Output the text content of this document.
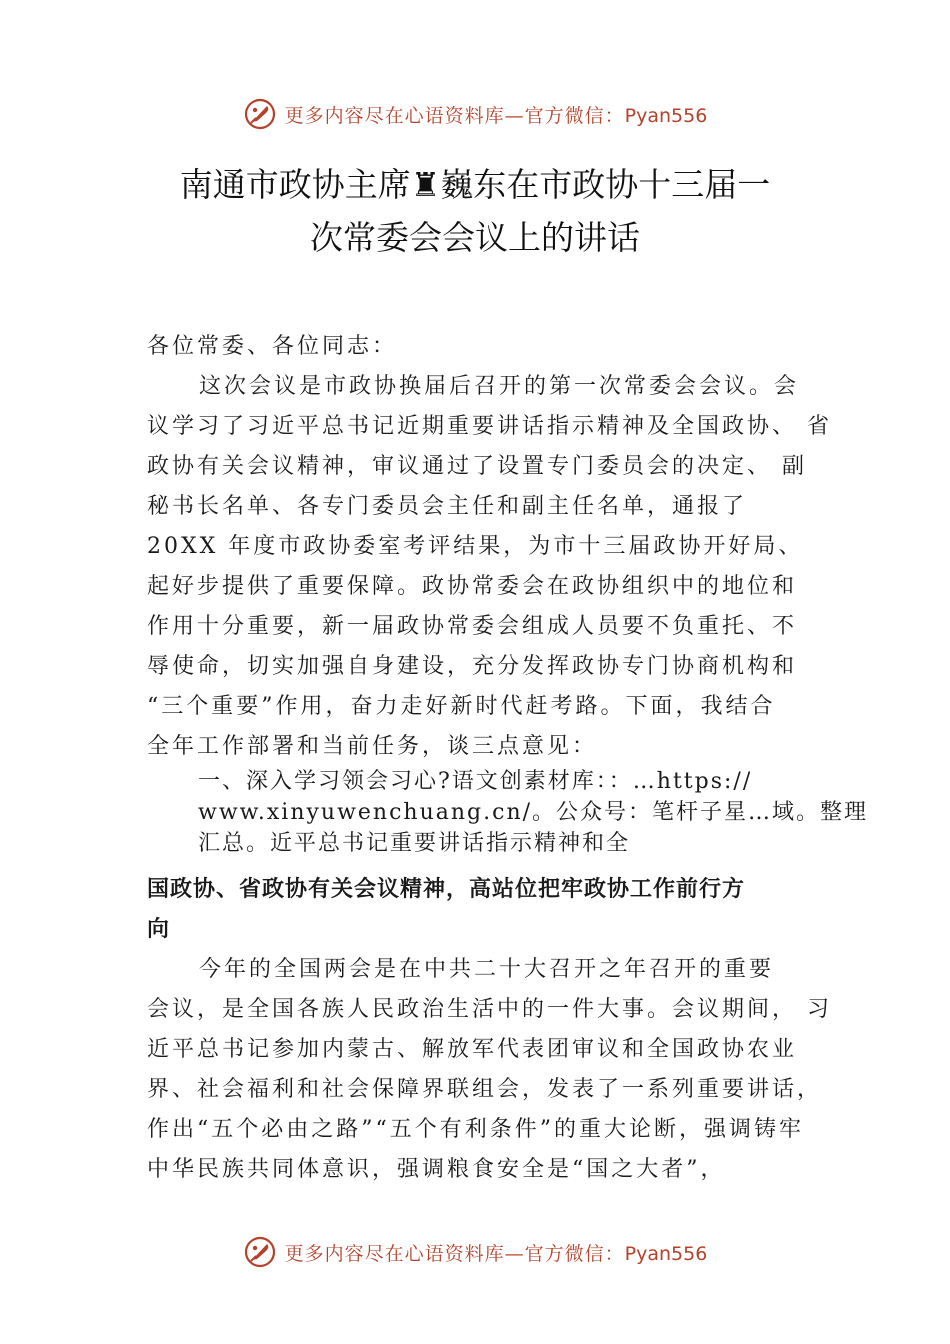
更多内容尽在心语资料库—官方微信：Pyan556
南通市政协主席♜巍东在市政协十三届一
次常委会会议上的讲话

各位常委、各位同志：

这次会议是市政协换届后召开的第一次常委会会议。会
议学习了习近平总书记近期重要讲话指示精神及全国政协、 省
政协有关会议精神，审议通过了设置专门委员会的决定、 副
秘书长名单、各专门委员会主任和副主任名单，通报了
20XX 年度市政协委室考评结果，为市十三届政协开好局、
起好步提供了重要保障。政协常委会在政协组织中的地位和
作用十分重要，新一届政协常委会组成人员要不负重托、不
辱使命，切实加强自身建设，充分发挥政协专门协商机构和
“三个重要”作用，奋力走好新时代赶考路。下面，我结合
全年工作部署和当前任务，谈三点意见：

一、深入学习领会习心?语文创素材库：：…https://
www.xinyuwenchuang.cn/。公众号：笔杆子星…域。整理
汇总。近平总书记重要讲话指示精神和全
国政协、省政协有关会议精神，高站位把牢政协工作前行方
向

今年的全国两会是在中共二十大召开之年召开的重要
会议，是全国各族人民政治生活中的一件大事。会议期间， 习
近平总书记参加内蒙古、解放军代表团审议和全国政协农业
界、社会福利和社会保障界联组会，发表了一系列重要讲话，
作出“五个必由之路”“五个有利条件”的重大论断，强调铸牢
中华民族共同体意识，强调粮食安全是“国之大者”，

更多内容尽在心语资料库—官方微信：Pyan556
